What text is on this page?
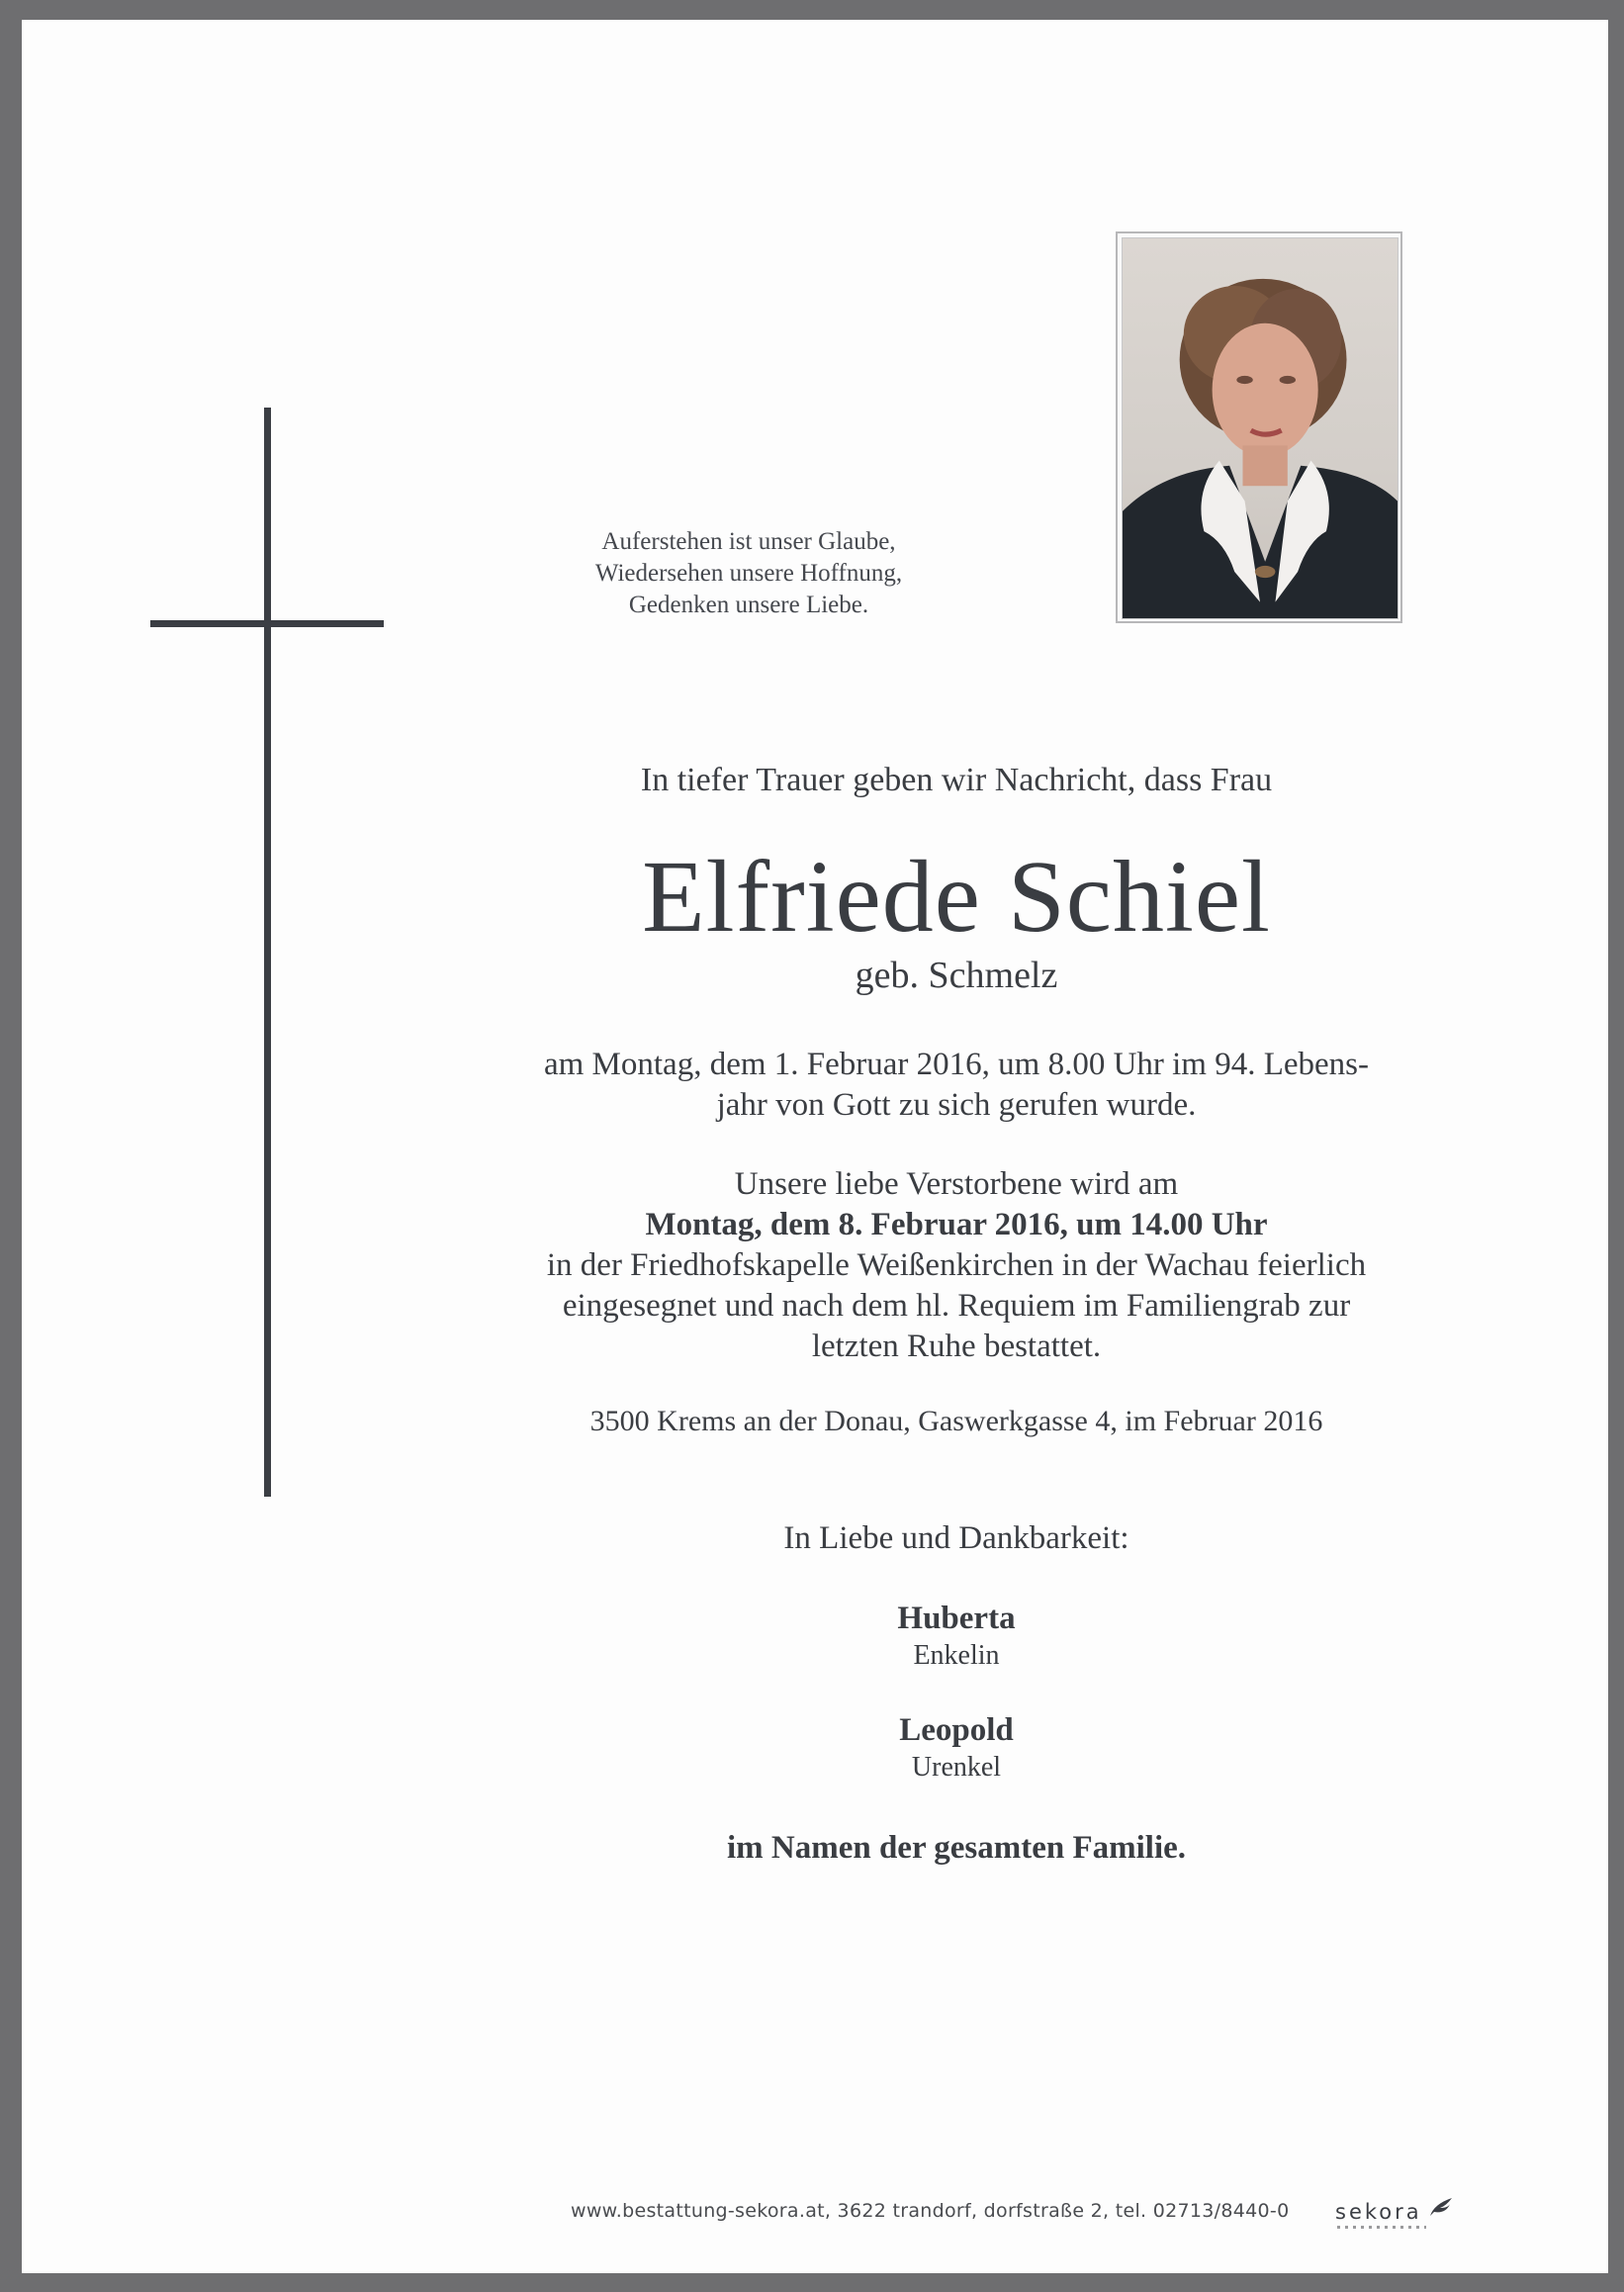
Auferstehen ist unser Glaube,
Wiedersehen unsere Hoffnung,
Gedenken unsere Liebe.
In tiefer Trauer geben wir Nachricht, dass Frau
Elfriede Schiel
geb. Schmelz
am Montag, dem 1. Februar 2016, um 8.00 Uhr im 94. Lebens-
jahr von Gott zu sich gerufen wurde.
Unsere liebe Verstorbene wird am
Montag, dem 8. Februar 2016, um 14.00 Uhr
in der Friedhofskapelle Weißenkirchen in der Wachau feierlich
eingesegnet und nach dem hl. Requiem im Familiengrab zur
letzten Ruhe bestattet.
3500 Krems an der Donau, Gaswerkgasse 4, im Februar 2016
In Liebe und Dankbarkeit:
Huberta
Enkelin
Leopold
Urenkel
im Namen der gesamten Familie.
www.bestattung-sekora.at, 3622 trandorf, dorfstraße 2, tel. 02713/8440-0 sekora
